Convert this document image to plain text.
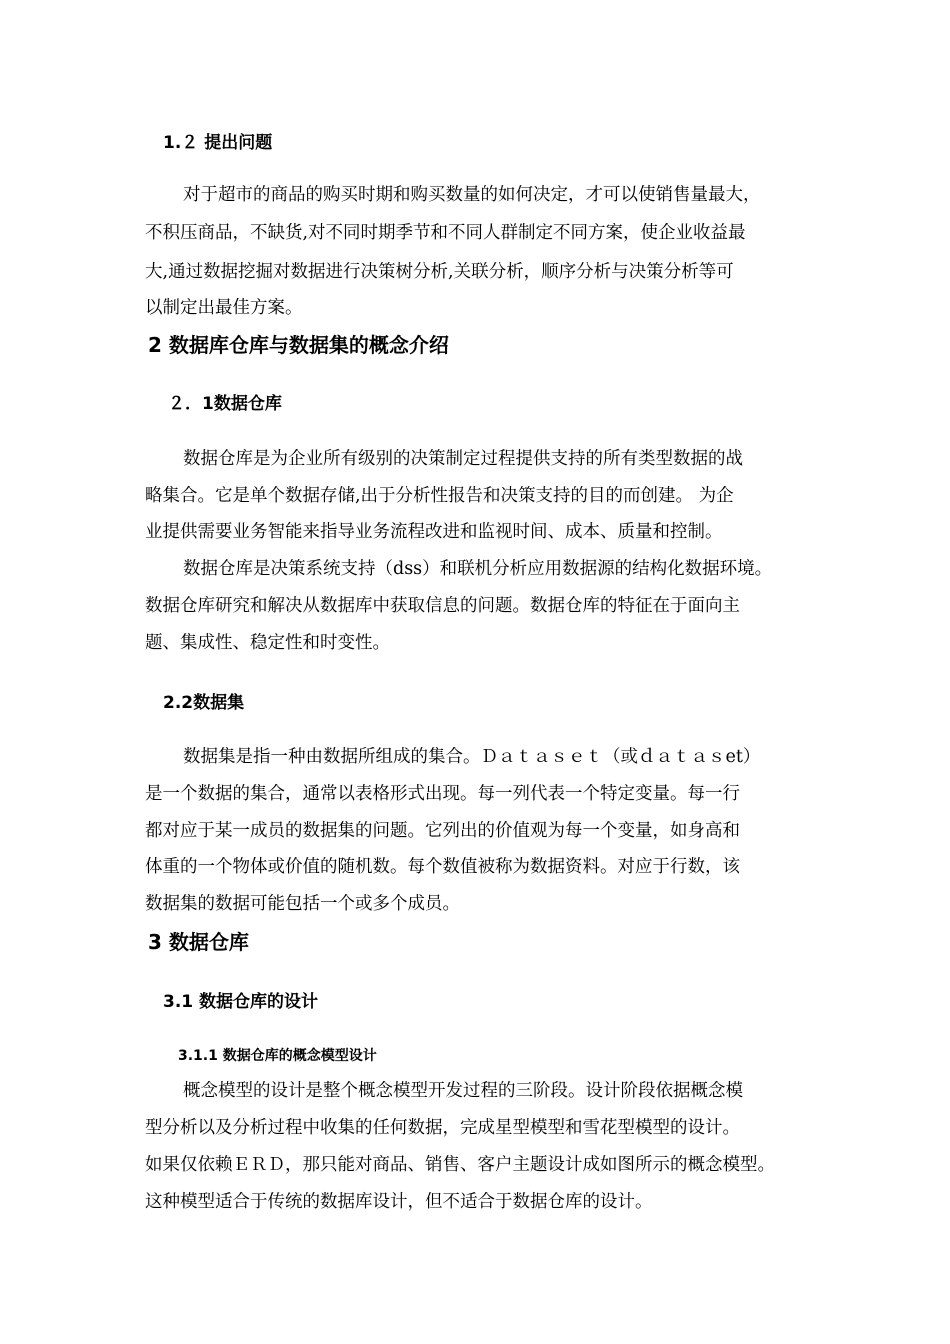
1.２ 提出问题
对于超市的商品的购买时期和购买数量的如何决定，才可以使销售量最大，
不积压商品，不缺货,对不同时期季节和不同人群制定不同方案，使企业收益最
大,通过数据挖掘对数据进行决策树分析,关联分析，顺序分析与决策分析等可
以制定出最佳方案。
2 数据库仓库与数据集的概念介绍
２．1数据仓库
数据仓库是为企业所有级别的决策制定过程提供支持的所有类型数据的战
略集合。它是单个数据存储,出于分析性报告和决策支持的目的而创建。 为企
业提供需要业务智能来指导业务流程改进和监视时间、成本、质量和控制。
数据仓库是决策系统支持（dss）和联机分析应用数据源的结构化数据环境。
数据仓库研究和解决从数据库中获取信息的问题。数据仓库的特征在于面向主
题、集成性、稳定性和时变性。
2.2数据集
数据集是指一种由数据所组成的集合。Ｄａｔａｓｅｔ（或ｄａｔａｓet）
是一个数据的集合，通常以表格形式出现。每一列代表一个特定变量。每一行
都对应于某一成员的数据集的问题。它列出的价值观为每一个变量，如身高和
体重的一个物体或价值的随机数。每个数值被称为数据资料。对应于行数，该
数据集的数据可能包括一个或多个成员。
3 数据仓库
3.1 数据仓库的设计
3.1.1 数据仓库的概念模型设计
概念模型的设计是整个概念模型开发过程的三阶段。设计阶段依据概念模
型分析以及分析过程中收集的任何数据，完成星型模型和雪花型模型的设计。
如果仅依赖ＥＲＤ，那只能对商品、销售、客户主题设计成如图所示的概念模型。
这种模型适合于传统的数据库设计，但不适合于数据仓库的设计。
